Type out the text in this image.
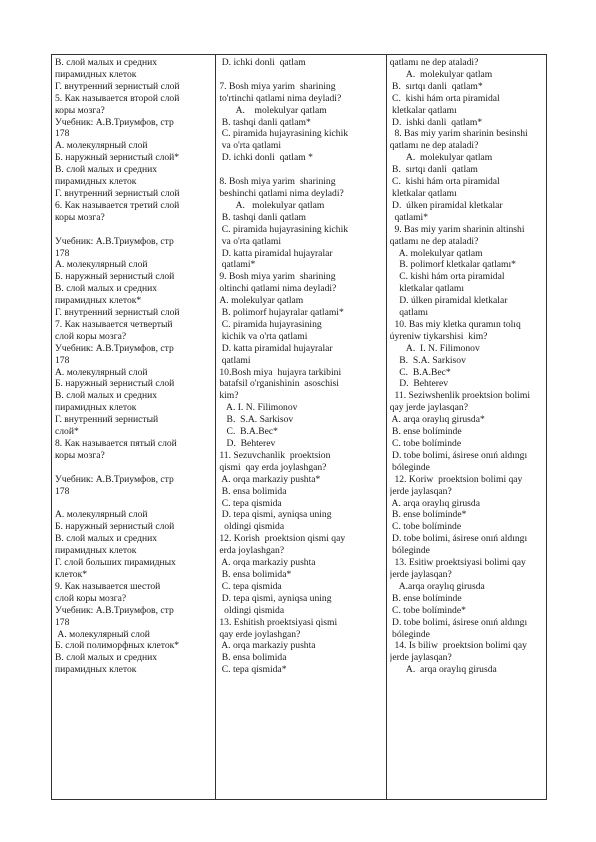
В. слой малых и средних
пирамидных клеток
Г. внутренний зернистый слой
5. Как называется второй слой
коры мозга?
Учебник: А.В.Триумфов, стр
178
А. молекулярный слой
Б. наружный зернистый слой*
В. слой малых и средних
пирамидных клеток
Г. внутренний зернистый слой
6. Как называется третий слой
коры мозга?

Учебник: А.В.Триумфов, стр
178
А. молекулярный слой
Б. наружный зернистый слой
В. слой малых и средних
пирамидных клеток*
Г. внутренний зернистый слой
7. Как называется четвертый
слой коры мозга?
Учебник: А.В.Триумфов, стр
178
А. молекулярный слой
Б. наружный зернистый слой
В. слой малых и средних
пирамидных клеток
Г. внутренний зернистый
слой*
8. Как называется пятый слой
коры мозга?

Учебник: А.В.Триумфов, стр
178

А. молекулярный слой
Б. наружный зернистый слой
В. слой малых и средних
пирамидных клеток
Г. слой больших пирамидных
клеток*
9. Как называется шестой
слой коры мозга?
Учебник: А.В.Триумфов, стр
178
А. молекулярный слой
Б. слой полиморфных клеток*
В. слой малых и средних
пирамидных клеток
D. ichki donli  qatlam

7. Bosh miya yarim  sharining
to'rtinchi qatlami nima deyladi?
A.    molekulyar qatlam
B. tashqi danli qatlam*
C. piramida hujayrasining kichik
va o'rta qatlami
D. ichki donli  qatlam *

8. Bosh miya yarim  sharining
beshinchi qatlami nima deyladi?
A.   molekulyar qatlam
B. tashqi danli qatlam
C. piramida hujayrasining kichik
va o'rta qatlami
D. katta piramidal hujayralar
qatlami*
9. Bosh miya yarim  sharining
oltinchi qatlami nima deyladi?
A. molekulyar qatlam
B. polimorf hujayralar qatlami*
C. piramida hujayrasining
kichik va o'rta qatlami
D. katta piramidal hujayralar
qatlami
10.Bosh miya  hujayra tarkibini
batafsil o'rganishinin  asoschisi
kim?
A. I. N. Filimonov
B.  S.A. Sarkisov
C.  B.A.Bec*
D.  Behterev
11. Sezuvchanlik  proektsion
qismi  qay erda joylashgan?
A. orqa markaziy pushta*
B. ensa bolimida
C. tepa qismida
D. tepa qismi, ayniqsa uning
oldingi qismida
12. Korish  proektsion qismi qay
erda joylashgan?
A. orqa markaziy pushta
B. ensa bolimida*
C. tepa qismida
D. tepa qismi, ayniqsa uning
oldingi qismida
13. Eshitish proektsiyasi qismi
qay erde joylashgan?
A. orqa markaziy pushta
B. ensa bolimida
C. tepa qismida*
qatlamı ne dep ataladi?
A.  molekulyar qatlam
B.  sırtqı danli  qatlam*
C.  kishi hám orta piramidal
kletkalar qatlamı
D.  ishki danli  qatlam*
8. Bas miy yarim sharinin besinshi
qatlamı ne dep ataladi?
A.  molekulyar qatlam
B.  sırtqı danli  qatlam
C.  kishi hám orta piramidal
kletkalar qatlamı
D.  úlken piramidal kletkalar
qatlami*
9. Bas miy yarim sharinin altinshi
qatlamı ne dep ataladi?
A. molekulyar qatlam
B. polimorf kletkalar qatlamı*
C. kishi hám orta piramidal
kletkalar qatlamı
D. úlken piramidal kletkalar
qatlamı
10. Bas miy kletka quramın tolıq
úyreniw tiykarshisi  kim?
A.  I. N. Filimonov
B.  S.A. Sarkisov
C.  B.A.Bec*
D.  Behterev
11. Seziwshenlik proektsion bolimi
qay jerde jaylasqan?
A. arqa oraylıq girusda*
B. ense bolíminde
C. tobe bolíminde
D. tobe bolimi, ásirese onıń aldıngı
bóleginde
12. Koriw  proektsion bolimi qay
jerde jaylasqan?
A. arqa oraylıq girusda
B. ense bolíminde*
C. tobe bolíminde
D. tobe bolimi, ásirese onıń aldıngı
bóleginde
13. Esitiw proektsiyasi bolimi qay
jerde jaylasqan?
A.arqa oraylıq girusda
B. ense bolíminde
C. tobe bolíminde*
D. tobe bolimi, ásirese onıń aldıngı
bóleginde
14. Is biliw  proektsion bolimi qay
jerde jaylasqan?
A.  arqa oraylıq girusda
